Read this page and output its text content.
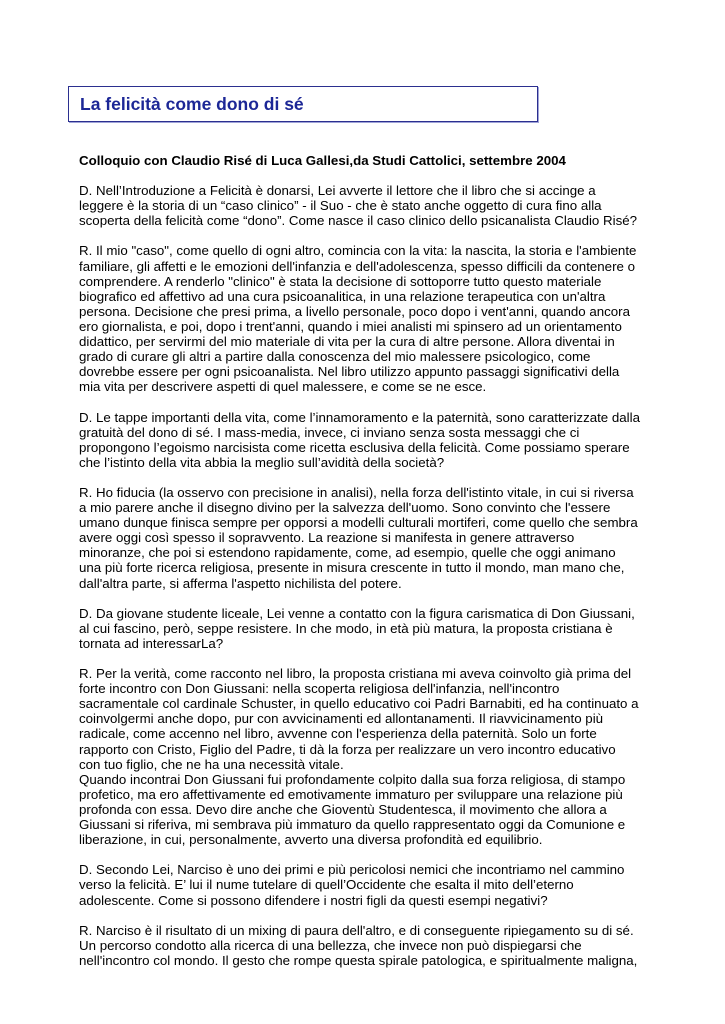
La felicità come dono di sé
Colloquio con Claudio Risé di Luca Gallesi,da Studi Cattolici, settembre 2004
D. Nell’Introduzione a Felicità è donarsi, Lei avverte il lettore che il libro che si accinge a
leggere è la storia di un “caso clinico” - il Suo - che è stato anche oggetto di cura fino alla
scoperta della felicità come “dono”. Come nasce il caso clinico dello psicanalista Claudio Risé?
R. Il mio "caso", come quello di ogni altro, comincia con la vita: la nascita, la storia e l'ambiente
familiare, gli affetti e le emozioni dell'infanzia e dell'adolescenza, spesso difficili da contenere o
comprendere. A renderlo "clinico" è stata la decisione di sottoporre tutto questo materiale
biografico ed affettivo ad una cura psicoanalitica, in una relazione terapeutica con un'altra
persona. Decisione che presi prima, a livello personale, poco dopo i vent'anni, quando ancora
ero giornalista, e poi, dopo i trent'anni, quando i miei analisti mi spinsero ad un orientamento
didattico, per servirmi del mio materiale di vita per la cura di altre persone. Allora diventai in
grado di curare gli altri a partire dalla conoscenza del mio malessere psicologico, come
dovrebbe essere per ogni psicoanalista. Nel libro utilizzo appunto passaggi significativi della
mia vita per descrivere aspetti di quel malessere, e come se ne esce.
D. Le tappe importanti della vita, come l’innamoramento e la paternità, sono caratterizzate dalla
gratuità del dono di sé. I mass-media, invece, ci inviano senza sosta messaggi che ci
propongono l’egoismo narcisista come ricetta esclusiva della felicità. Come possiamo sperare
che l’istinto della vita abbia la meglio sull’avidità della società?
R. Ho fiducia (la osservo con precisione in analisi), nella forza dell'istinto vitale, in cui si riversa
a mio parere anche il disegno divino per la salvezza dell'uomo. Sono convinto che l'essere
umano dunque finisca sempre per opporsi a modelli culturali mortiferi, come quello che sembra
avere oggi così spesso il sopravvento. La reazione si manifesta in genere attraverso
minoranze, che poi si estendono rapidamente, come, ad esempio, quelle che oggi animano
una più forte ricerca religiosa, presente in misura crescente in tutto il mondo, man mano che,
dall'altra parte, si afferma l'aspetto nichilista del potere.
D. Da giovane studente liceale, Lei venne a contatto con la figura carismatica di Don Giussani,
al cui fascino, però, seppe resistere. In che modo, in età più matura, la proposta cristiana è
tornata ad interessarLa?
R. Per la verità, come racconto nel libro, la proposta cristiana mi aveva coinvolto già prima del
forte incontro con Don Giussani: nella scoperta religiosa dell'infanzia, nell'incontro
sacramentale col cardinale Schuster, in quello educativo coi Padri Barnabiti, ed ha continuato a
coinvolgermi anche dopo, pur con avvicinamenti ed allontanamenti. Il riavvicinamento più
radicale, come accenno nel libro, avvenne con l'esperienza della paternità. Solo un forte
rapporto con Cristo, Figlio del Padre, ti dà la forza per realizzare un vero incontro educativo
con tuo figlio, che ne ha una necessità vitale.
Quando incontrai Don Giussani fui profondamente colpito dalla sua forza religiosa, di stampo
profetico, ma ero affettivamente ed emotivamente immaturo per sviluppare una relazione più
profonda con essa. Devo dire anche che Gioventù Studentesca, il movimento che allora a
Giussani si riferiva, mi sembrava più immaturo da quello rappresentato oggi da Comunione e
liberazione, in cui, personalmente, avverto una diversa profondità ed equilibrio.
D. Secondo Lei, Narciso è uno dei primi e più pericolosi nemici che incontriamo nel cammino
verso la felicità. E’ lui il nume tutelare di quell’Occidente che esalta il mito dell’eterno
adolescente. Come si possono difendere i nostri figli da questi esempi negativi?
R. Narciso è il risultato di un mixing di paura dell'altro, e di conseguente ripiegamento su di sé.
Un percorso condotto alla ricerca di una bellezza, che invece non può dispiegarsi che
nell'incontro col mondo. Il gesto che rompe questa spirale patologica, e spiritualmente maligna,
